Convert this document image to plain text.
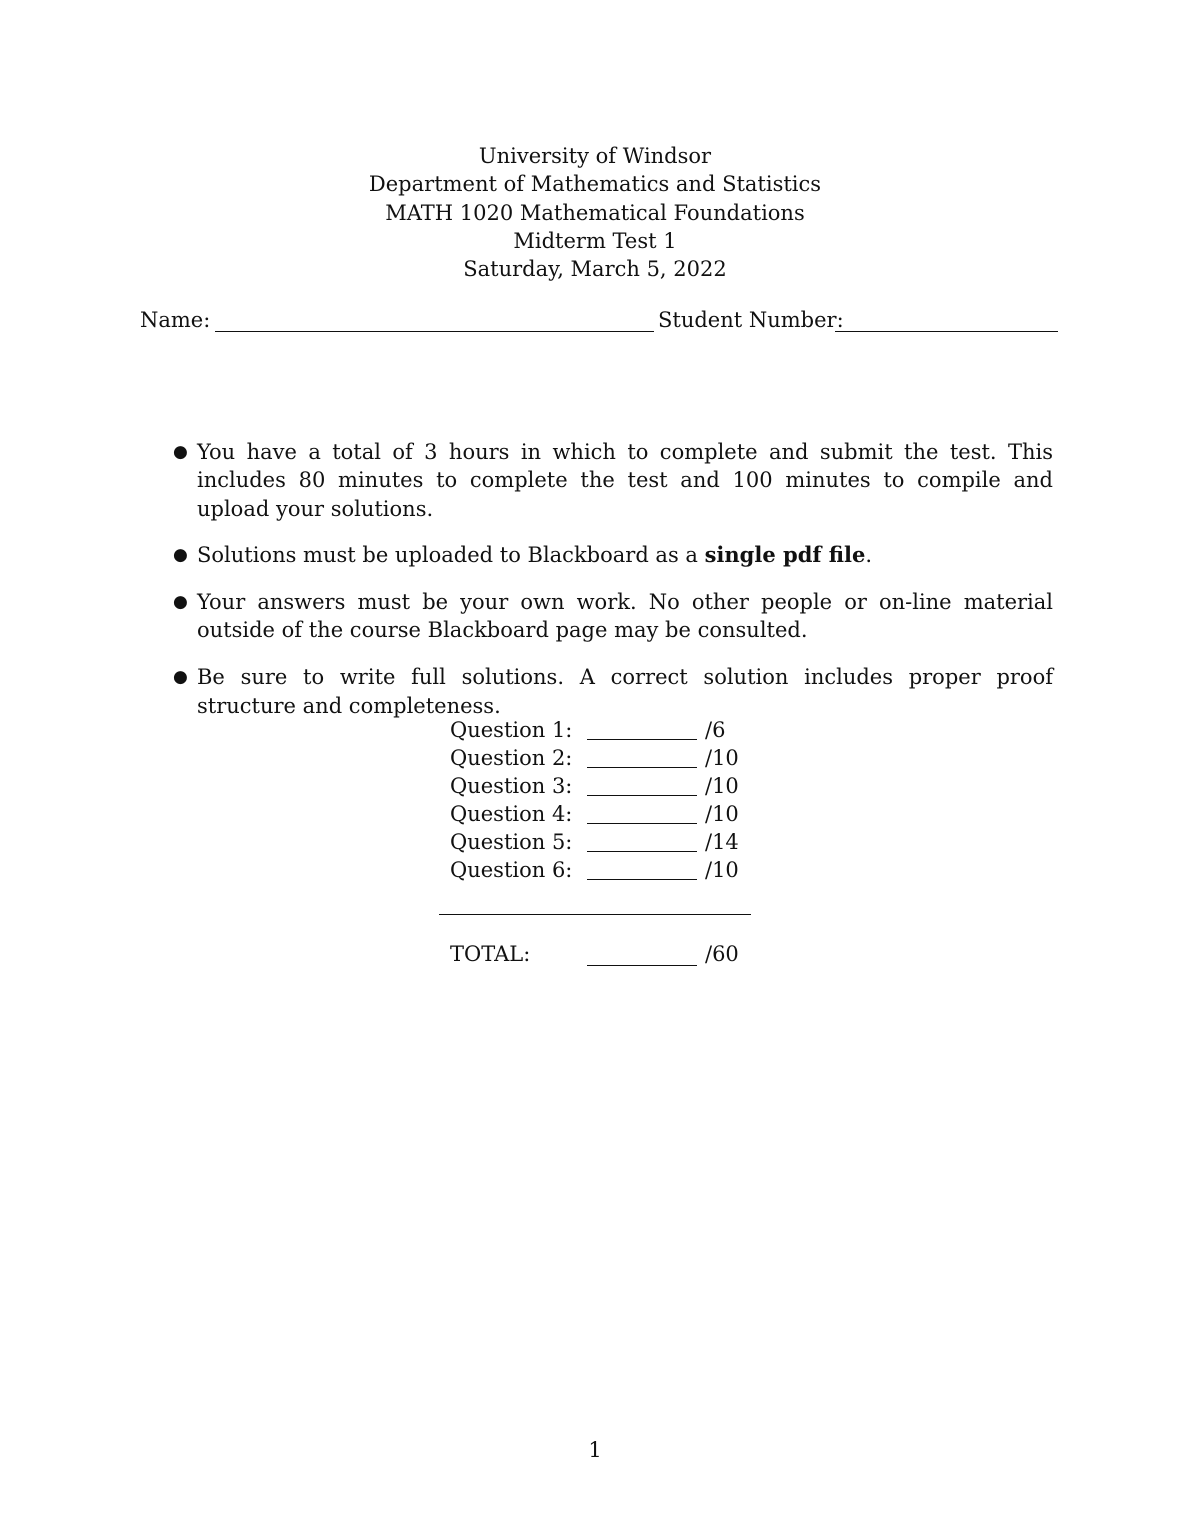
University of Windsor
Department of Mathematics and Statistics
MATH 1020 Mathematical Foundations
Midterm Test 1
Saturday, March 5, 2022
Name:	Student Number:
● You have a total of 3 hours in which to complete and submit the test. This includes 80 minutes to complete the test and 100 minutes to compile and upload your solutions.
● Solutions must be uploaded to Blackboard as a single pdf file.
● Your answers must be your own work. No other people or on-line material outside of the course Blackboard page may be consulted.
● Be sure to write full solutions. A correct solution includes proper proof structure and completeness.
Question 1:	/6
Question 2:	/10
Question 3:	/10
Question 4:	/10
Question 5:	/14
Question 6:	/10
TOTAL:	/60
1
